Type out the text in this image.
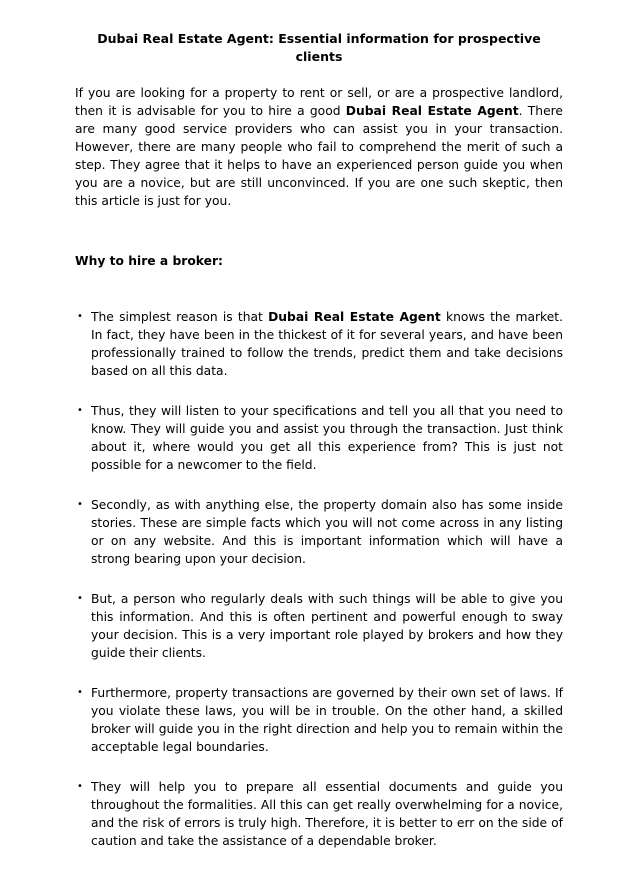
Dubai Real Estate Agent: Essential information for prospective clients

If you are looking for a property to rent or sell, or are a prospective landlord, then it is advisable for you to hire a good Dubai Real Estate Agent. There are many good service providers who can assist you in your transaction. However, there are many people who fail to comprehend the merit of such a step. They agree that it helps to have an experienced person guide you when you are a novice, but are still unconvinced. If you are one such skeptic, then this article is just for you.

Why to hire a broker:
• The simplest reason is that Dubai Real Estate Agent knows the market. In fact, they have been in the thickest of it for several years, and have been professionally trained to follow the trends, predict them and take decisions based on all this data.
• Thus, they will listen to your specifications and tell you all that you need to know. They will guide you and assist you through the transaction. Just think about it, where would you get all this experience from? This is just not possible for a newcomer to the field.
• Secondly, as with anything else, the property domain also has some inside stories. These are simple facts which you will not come across in any listing or on any website. And this is important information which will have a strong bearing upon your decision.
• But, a person who regularly deals with such things will be able to give you this information. And this is often pertinent and powerful enough to sway your decision. This is a very important role played by brokers and how they guide their clients.
• Furthermore, property transactions are governed by their own set of laws. If you violate these laws, you will be in trouble. On the other hand, a skilled broker will guide you in the right direction and help you to remain within the acceptable legal boundaries.
• They will help you to prepare all essential documents and guide you throughout the formalities. All this can get really overwhelming for a novice, and the risk of errors is truly high. Therefore, it is better to err on the side of caution and take the assistance of a dependable broker.
